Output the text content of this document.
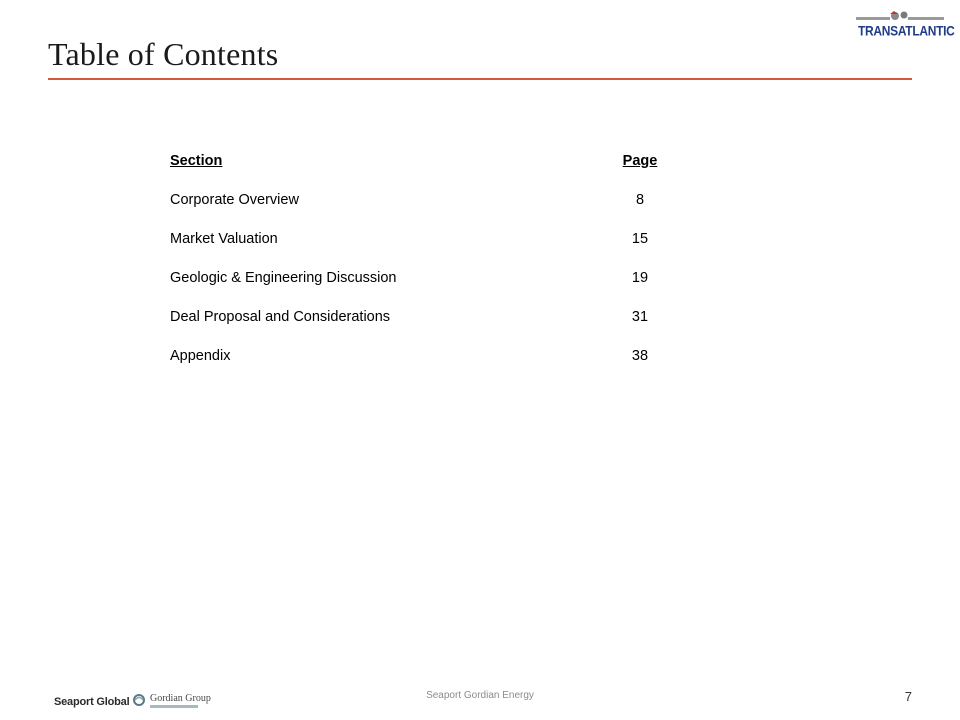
Table of Contents
TRANSATLANTIC
Section	Page
Corporate Overview	8
Market Valuation	15
Geologic & Engineering Discussion	19
Deal Proposal and Considerations	31
Appendix	38
Seaport Global Gordian Group	Seaport Gordian Energy	7
